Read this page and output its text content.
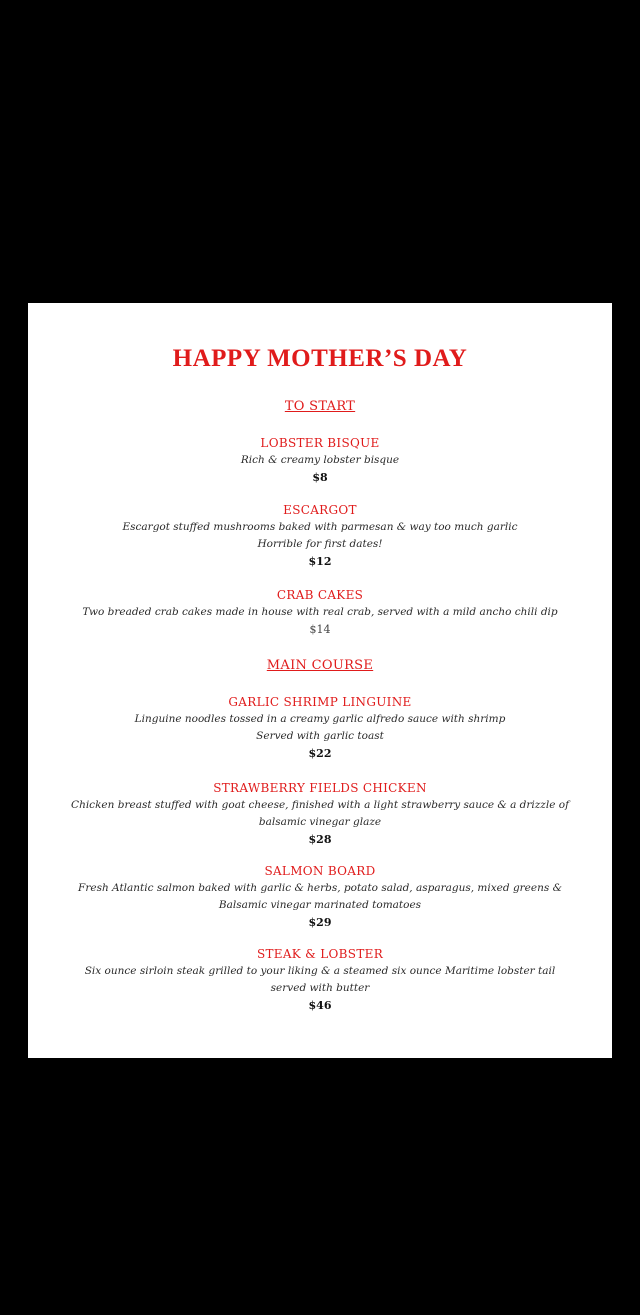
HAPPY MOTHER’S DAY
TO START
LOBSTER BISQUE
Rich & creamy lobster bisque
$8
ESCARGOT
Escargot stuffed mushrooms baked with parmesan & way too much garlic
Horrible for first dates!
$12
CRAB CAKES
Two breaded crab cakes made in house with real crab, served with a mild ancho chili dip
$14
MAIN COURSE
GARLIC SHRIMP LINGUINE
Linguine noodles tossed in a creamy garlic alfredo sauce with shrimp
Served with garlic toast
$22
STRAWBERRY FIELDS CHICKEN
Chicken breast stuffed with goat cheese, finished with a light strawberry sauce & a drizzle of
balsamic vinegar glaze
$28
SALMON BOARD
Fresh Atlantic salmon baked with garlic & herbs, potato salad, asparagus, mixed greens &
Balsamic vinegar marinated tomatoes
$29
STEAK & LOBSTER
Six ounce sirloin steak grilled to your liking & a steamed six ounce Maritime lobster tail
served with butter
$46
